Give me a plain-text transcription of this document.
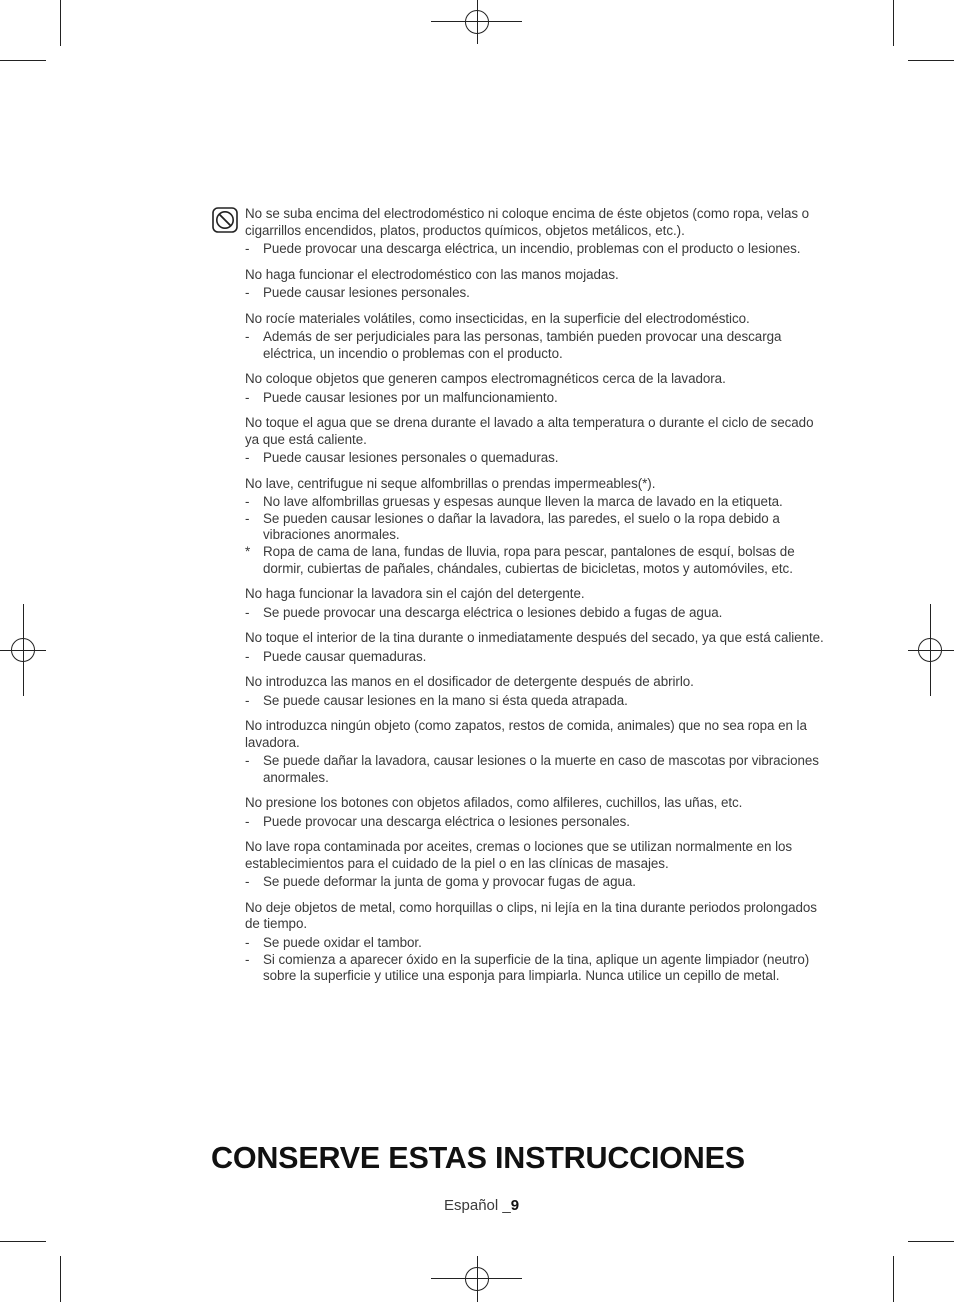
No se suba encima del electrodoméstico ni coloque encima de éste objetos (como ropa, velas o cigarrillos encendidos, platos, productos químicos, objetos metálicos, etc.).
-	Puede provocar una descarga eléctrica, un incendio, problemas con el producto o lesiones.
No haga funcionar el electrodoméstico con las manos mojadas.
-	Puede causar lesiones personales.
No rocíe materiales volátiles, como insecticidas, en la superficie del electrodoméstico.
-	Además de ser perjudiciales para las personas, también pueden provocar una descarga eléctrica, un incendio o problemas con el producto.
No coloque objetos que generen campos electromagnéticos cerca de la lavadora.
-	Puede causar lesiones por un malfuncionamiento.
No toque el agua que se drena durante el lavado a alta temperatura o durante el ciclo de secado ya que está caliente.
-	Puede causar lesiones personales o quemaduras.
No lave, centrifugue ni seque alfombrillas o prendas impermeables(*).
-	No lave alfombrillas gruesas y espesas aunque lleven la marca de lavado en la etiqueta.
-	Se pueden causar lesiones o dañar la lavadora, las paredes, el suelo o la ropa debido a vibraciones anormales.
* Ropa de cama de lana, fundas de lluvia, ropa para pescar, pantalones de esquí, bolsas de dormir, cubiertas de pañales, chándales, cubiertas de bicicletas, motos y automóviles, etc.
No haga funcionar la lavadora sin el cajón del detergente.
-	Se puede provocar una descarga eléctrica o lesiones debido a fugas de agua.
No toque el interior de la tina durante o inmediatamente después del secado, ya que está caliente.
-	Puede causar quemaduras.
No introduzca las manos en el dosificador de detergente después de abrirlo.
-	Se puede causar lesiones en la mano si ésta queda atrapada.
No introduzca ningún objeto (como zapatos, restos de comida, animales) que no sea ropa en la lavadora.
-	Se puede dañar la lavadora, causar lesiones o la muerte en caso de mascotas por vibraciones anormales.
No presione los botones con objetos afilados, como alfileres, cuchillos, las uñas, etc.
-	Puede provocar una descarga eléctrica o lesiones personales.
No lave ropa contaminada por aceites, cremas o lociones que se utilizan normalmente en los establecimientos para el cuidado de la piel o en las clínicas de masajes.
-	Se puede deformar la junta de goma y provocar fugas de agua.
No deje objetos de metal, como horquillas o clips, ni lejía en la tina durante periodos prolongados de tiempo.
-	Se puede oxidar el tambor.
-	Si comienza a aparecer óxido en la superficie de la tina, aplique un agente limpiador (neutro) sobre la superficie y utilice una esponja para limpiarla. Nunca utilice un cepillo de metal.
CONSERVE ESTAS INSTRUCCIONES
Español _9
